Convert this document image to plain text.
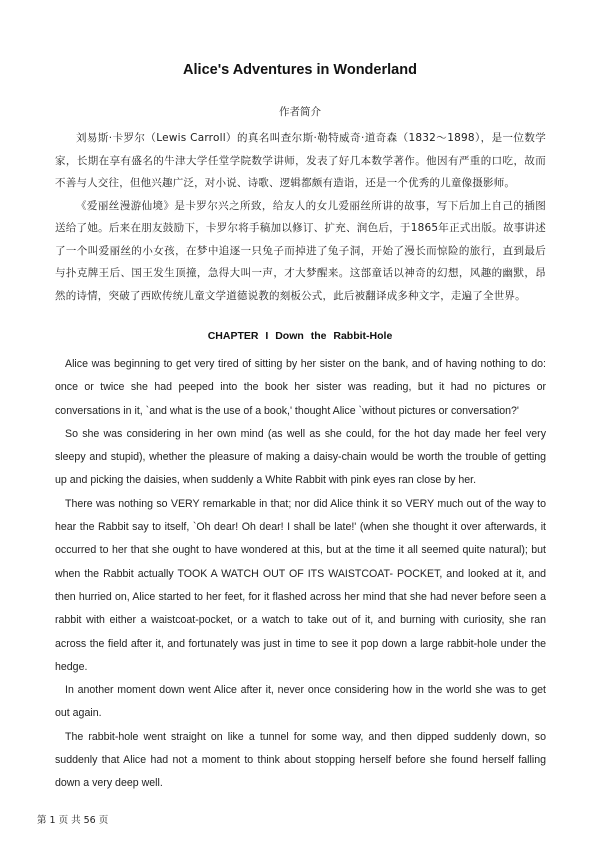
Alice's Adventures in Wonderland

作者简介

刘易斯·卡罗尔（Lewis Carroll）的真名叫查尔斯·勒特威奇·道奇森（1832～1898），是一位数学家，长期在享有盛名的牛津大学任堂学院数学讲师，发表了好几本数学著作。他因有严重的口吃，故而不善与人交往，但他兴趣广泛，对小说、诗歌、逻辑都颇有造诣，还是一个优秀的儿童像摄影师。

《爱丽丝漫游仙境》是卡罗尔兴之所致，给友人的女儿爱丽丝所讲的故事，写下后加上自己的插图送给了她。后来在朋友鼓励下，卡罗尔将手稿加以修订、扩充、润色后，于1865年正式出版。故事讲述了一个叫爱丽丝的小女孩，在梦中追逐一只兔子而掉进了兔子洞，开始了漫长而惊险的旅行，直到最后与扑克牌王后、国王发生顶撞，急得大叫一声，才大梦醒来。这部童话以神奇的幻想，风趣的幽默，昂然的诗情，突破了西欧传统儿童文学道德说教的刻板公式，此后被翻译成多种文字，走遍了全世界。

CHAPTER I Down the Rabbit-Hole

Alice was beginning to get very tired of sitting by her sister on the bank, and of having nothing to do: once or twice she had peeped into the book her sister was reading, but it had no pictures or conversations in it, `and what is the use of a book,' thought Alice `without pictures or conversation?'

So she was considering in her own mind (as well as she could, for the hot day made her feel very sleepy and stupid), whether the pleasure of making a daisy-chain would be worth the trouble of getting up and picking the daisies, when suddenly a White Rabbit with pink eyes ran close by her.

There was nothing so VERY remarkable in that; nor did Alice think it so VERY much out of the way to hear the Rabbit say to itself, `Oh dear! Oh dear! I shall be late!' (when she thought it over afterwards, it occurred to her that she ought to have wondered at this, but at the time it all seemed quite natural); but when the Rabbit actually TOOK A WATCH OUT OF ITS WAISTCOAT- POCKET, and looked at it, and then hurried on, Alice started to her feet, for it flashed across her mind that she had never before seen a rabbit with either a waistcoat-pocket, or a watch to take out of it, and burning with curiosity, she ran across the field after it, and fortunately was just in time to see it pop down a large rabbit-hole under the hedge.

In another moment down went Alice after it, never once considering how in the world she was to get out again.

The rabbit-hole went straight on like a tunnel for some way, and then dipped suddenly down, so suddenly that Alice had not a moment to think about stopping herself before she found herself falling down a very deep well.

第 1 页 共 56 页
